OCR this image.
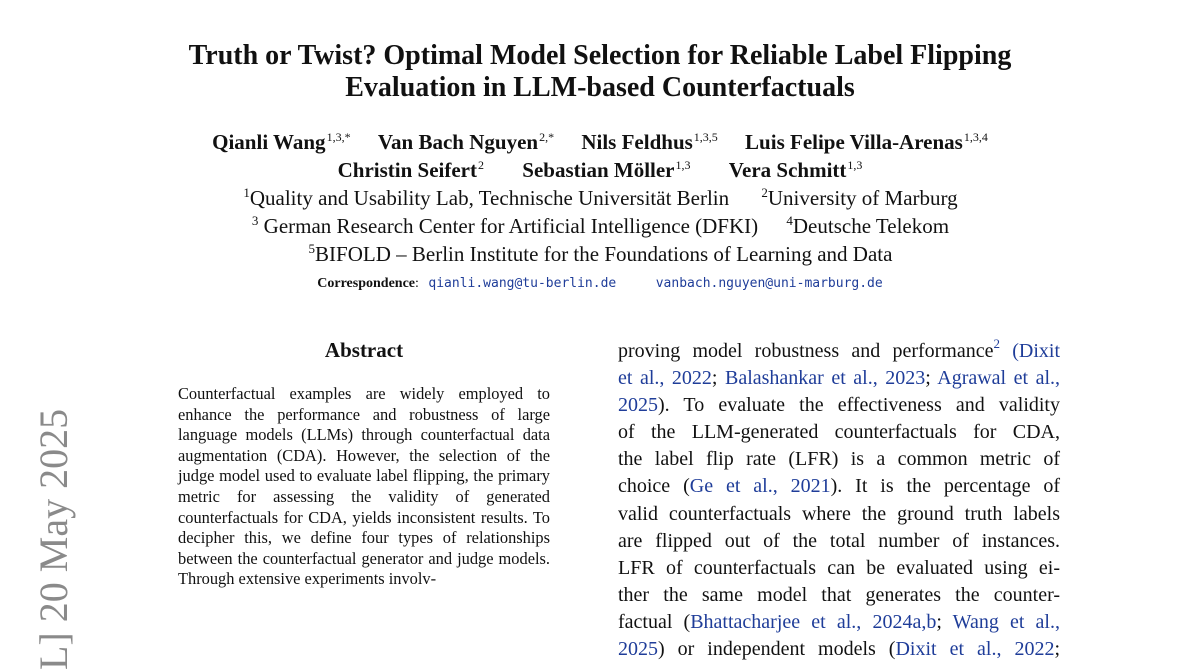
L] 20 May 2025
Truth or Twist? Optimal Model Selection for Reliable Label Flipping
Evaluation in LLM-based Counterfactuals
Qianli Wang$^{1,3,*}$ Van Bach Nguyen$^{2,*}$ Nils Feldhus$^{1,3,5}$ Luis Felipe Villa-Arenas$^{1,3,4}$
Christin Seifert$^2$ Sebastian Möller$^{1,3}$ Vera Schmitt$^{1,3}$
$^1$Quality and Usability Lab, Technische Universität Berlin $^2$University of Marburg
$^3$ German Research Center for Artificial Intelligence (DFKI) $^4$Deutsche Telekom
$^5$BIFOLD – Berlin Institute for the Foundations of Learning and Data
Correspondence: qianli.wang@tu-berlin.de	vanbach.nguyen@uni-marburg.de
Abstract

Counterfactual examples are widely employed to enhance the performance and robustness of large language models (LLMs) through counterfactual data augmentation (CDA). However, the selection of the judge model used to evaluate label flipping, the primary metric for assessing the validity of generated counterfactuals for CDA, yields inconsistent results. To decipher this, we define four types of relationships between the counterfactual generator and judge models. Through extensive experiments involv-

proving model robustness and performance$^2$ (Dixit
et al., 2022; Balashankar et al., 2023; Agrawal et al.,
2025). To evaluate the effectiveness and validity
of the LLM-generated counterfactuals for CDA,
the label flip rate (LFR) is a common metric of
choice (Ge et al., 2021). It is the percentage of
valid counterfactuals where the ground truth labels
are flipped out of the total number of instances.
LFR of counterfactuals can be evaluated using ei-
ther the same model that generates the counter-
factual (Bhattacharjee et al., 2024a,b; Wang et al.,
2025) or independent models (Dixit et al., 2022;
